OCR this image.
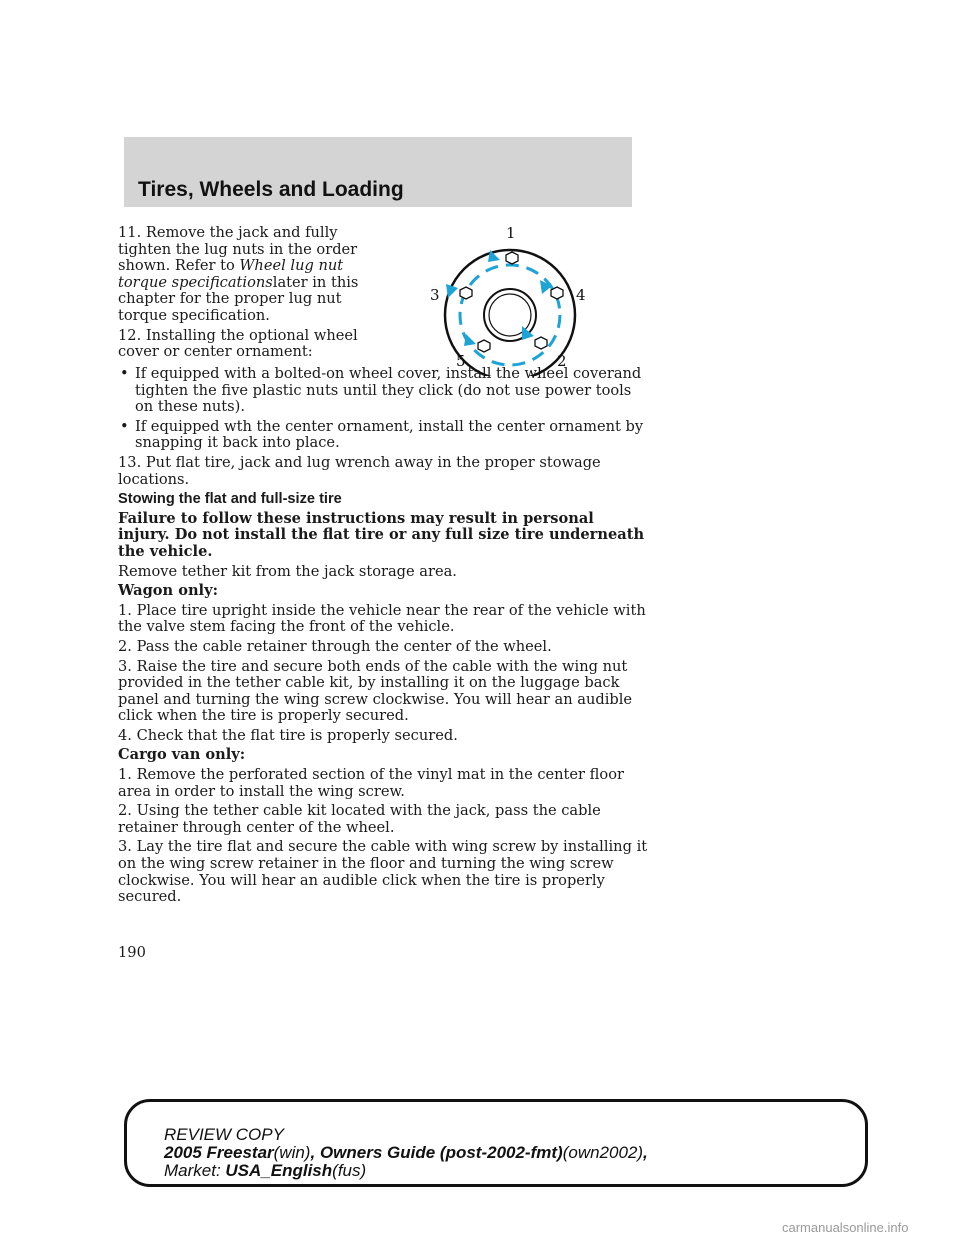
Tires, Wheels and Loading

11. Remove the jack and fully tighten the lug nuts in the order shown. Refer to Wheel lug nut torque specificationslater in this chapter for the proper lug nut torque specification.

12. Installing the optional wheel cover or center ornament:

• If equipped with a bolted-on wheel cover, install the wheel coverand tighten the five plastic nuts until they click (do not use power tools on these nuts).
• If equipped wth the center ornament, install the center ornament by snapping it back into place.

13. Put flat tire, jack and lug wrench away in the proper stowage locations.

Stowing the flat and full-size tire

Failure to follow these instructions may result in personal injury. Do not install the flat tire or any full size tire underneath the vehicle.

Remove tether kit from the jack storage area.

Wagon only:

1. Place tire upright inside the vehicle near the rear of the vehicle with the valve stem facing the front of the vehicle.

2. Pass the cable retainer through the center of the wheel.

3. Raise the tire and secure both ends of the cable with the wing nut provided in the tether cable kit, by installing it on the luggage back panel and turning the wing screw clockwise. You will hear an audible click when the tire is properly secured.

4. Check that the flat tire is properly secured.

Cargo van only:

1. Remove the perforated section of the vinyl mat in the center floor area in order to install the wing screw.

2. Using the tether cable kit located with the jack, pass the cable retainer through center of the wheel.

3. Lay the tire flat and secure the cable with wing screw by installing it on the wing screw retainer in the floor and turning the wing screw clockwise. You will hear an audible click when the tire is properly secured.

1
4
2
5
3
190
REVIEW COPY
2005 Freestar(win), Owners Guide (post-2002-fmt)(own2002),
Market: USA_English(fus)
carmanualsonline.info
